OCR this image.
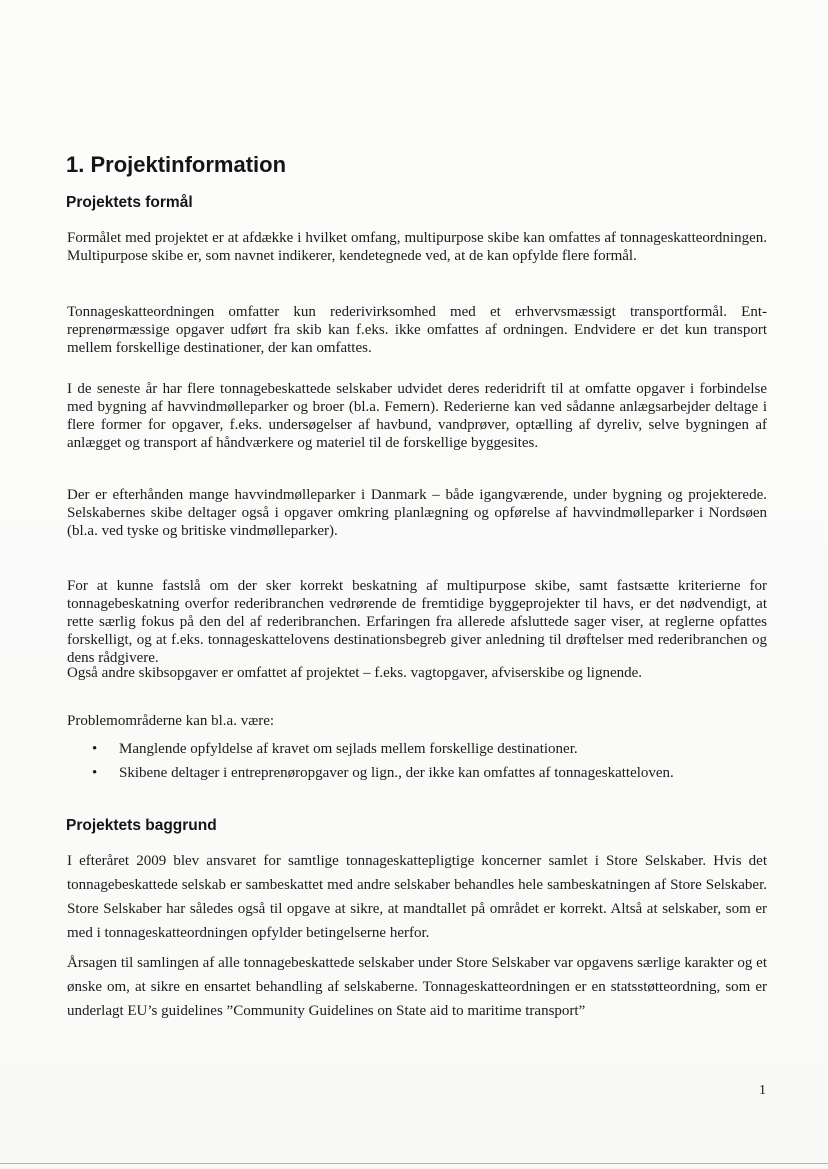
1. Projektinformation
Projektets formål

Formålet med projektet er at afdække i hvilket omfang, multipurpose skibe kan omfattes af tonnageskatteordningen. Multipurpose skibe er, som navnet indikerer, kendetegnede ved, at de kan opfylde flere formål.

Tonnageskatteordningen omfatter kun rederivirksomhed med et erhvervsmæssigt transportformål. Entreprenørmæssige opgaver udført fra skib kan f.eks. ikke omfattes af ordningen. Endvidere er det kun transport mellem forskellige destinationer, der kan omfattes.

I de seneste år har flere tonnagebeskattede selskaber udvidet deres rederidrift til at omfatte opgaver i forbindelse med bygning af havvindmølleparker og broer (bl.a. Femern). Rederierne kan ved sådanne anlægsarbejder deltage i flere former for opgaver, f.eks. undersøgelser af havbund, vandprøver, optælling af dyreliv, selve bygningen af anlægget og transport af håndværkere og materiel til de forskellige byggesites.

Der er efterhånden mange havvindmølleparker i Danmark – både igangværende, under bygning og projekterede. Selskabernes skibe deltager også i opgaver omkring planlægning og opførelse af havvindmølleparker i Nordsøen (bl.a. ved tyske og britiske vindmølleparker).

For at kunne fastslå om der sker korrekt beskatning af multipurpose skibe, samt fastsætte kriterierne for tonnagebeskatning overfor rederibranchen vedrørende de fremtidige byggeprojekter til havs, er det nødvendigt, at rette særlig fokus på den del af rederibranchen. Erfaringen fra allerede afsluttede sager viser, at reglerne opfattes forskelligt, og at f.eks. tonnageskattelovens destinationsbegreb giver anledning til drøftelser med rederibranchen og dens rådgivere.

Også andre skibsopgaver er omfattet af projektet – f.eks. vagtopgaver, afviserskibe og lignende.

Problemområderne kan bl.a. være:

• Manglende opfyldelse af kravet om sejlads mellem forskellige destinationer.
• Skibene deltager i entreprenøropgaver og lign., der ikke kan omfattes af tonnageskatteloven.
Projektets baggrund

I efteråret 2009 blev ansvaret for samtlige tonnageskattepligtige koncerner samlet i Store Selskaber. Hvis det tonnagebeskattede selskab er sambeskattet med andre selskaber behandles hele sambeskatningen af Store Selskaber. Store Selskaber har således også til opgave at sikre, at mandtallet på området er korrekt. Altså at selskaber, som er med i tonnageskatteordningen opfylder betingelserne herfor.

Årsagen til samlingen af alle tonnagebeskattede selskaber under Store Selskaber var opgavens særlige karakter og et ønske om, at sikre en ensartet behandling af selskaberne. Tonnageskatteordningen er en statsstøtteordning, som er underlagt EU’s guidelines ”Community Guidelines on State aid to maritime transport”

1
